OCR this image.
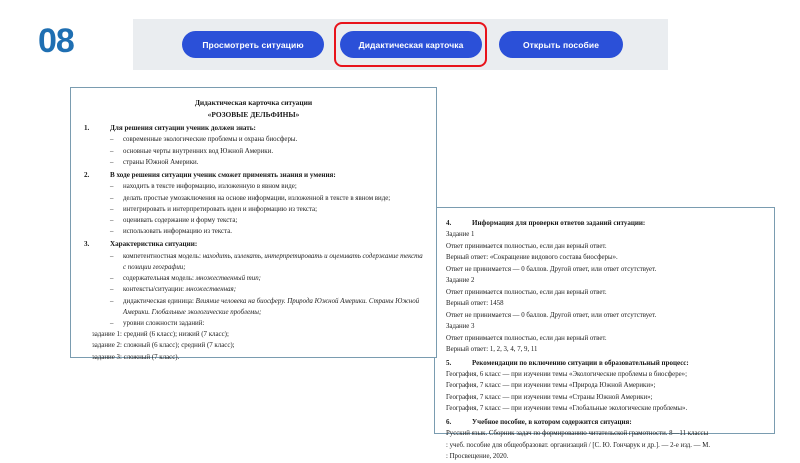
08	Просмотреть ситуацию	Дидактическая карточка	Открыть пособие
Дидактическая карточка ситуации
«РОЗОВЫЕ ДЕЛЬФИНЫ»
1.	Для решения ситуации ученик должен знать:
–	современные экологические проблемы и охрана биосферы.
–	основные черты внутренних вод Южной Америки.
–	страны Южной Америки.
2.	В ходе решения ситуации ученик сможет применять знания и умения:
–	находить в тексте информацию, изложенную в явном виде;
–	делать простые умозаключения на основе информации, изложенной в тексте в явном виде;
–	интегрировать и интерпретировать идеи и информацию из текста;
–	оценивать содержание и форму текста;
–	использовать информацию из текста.
3.	Характеристика ситуации:
–	компетентностная модель: находить, излекать, интерпретировать и оценивать содержание текста с позиции географии;
–	содержательная модель: множественный тип;
–	контексты/ситуации: множественная;
–	дидактическая единица: Влияние человека на биосферу. Природа Южной Америки. Страны Южной Америки. Глобальные экологические проблемы;
–	уровни сложности заданий:
задание 1: средний (6 класс); низкий (7 класс);
задание 2: сложный (6 класс); средний (7 класс);
задание 3: сложный (7 класс).
4.	Информация для проверки ответов заданий ситуации:
Задание 1
Ответ принимается полностью, если дан верный ответ.
Верный ответ: «Сокращение видового состава биосферы».
Ответ не принимается — 0 баллов. Другой ответ, или ответ отсутствует.
Задание 2
Ответ принимается полностью, если дан верный ответ.
Верный ответ: 1458
Ответ не принимается — 0 баллов. Другой ответ, или ответ отсутствует.
Задание 3
Ответ принимается полностью, если дан верный ответ.
Верный ответ: 1, 2, 3, 4, 7, 9, 11
5.	Рекомендации по включению ситуации в образовательный процесс:
География, 6 класс — при изучении темы «Экологические проблемы в биосфере»;
География, 7 класс — при изучении темы «Природа Южной Америки»;
География, 7 класс — при изучении темы «Страны Южной Америки»;
География, 7 класс — при изучении темы «Глобальные экологические проблемы».
6.	Учебное пособие, в котором содержится ситуация:
Русский язык. Сборник задач по формированию читательской грамотности. 8—11 классы
: учеб. пособие для общеобразоват. организаций / [С. Ю. Гончарук и др.]. — 2-е изд. — М.
: Просвещение, 2020.
